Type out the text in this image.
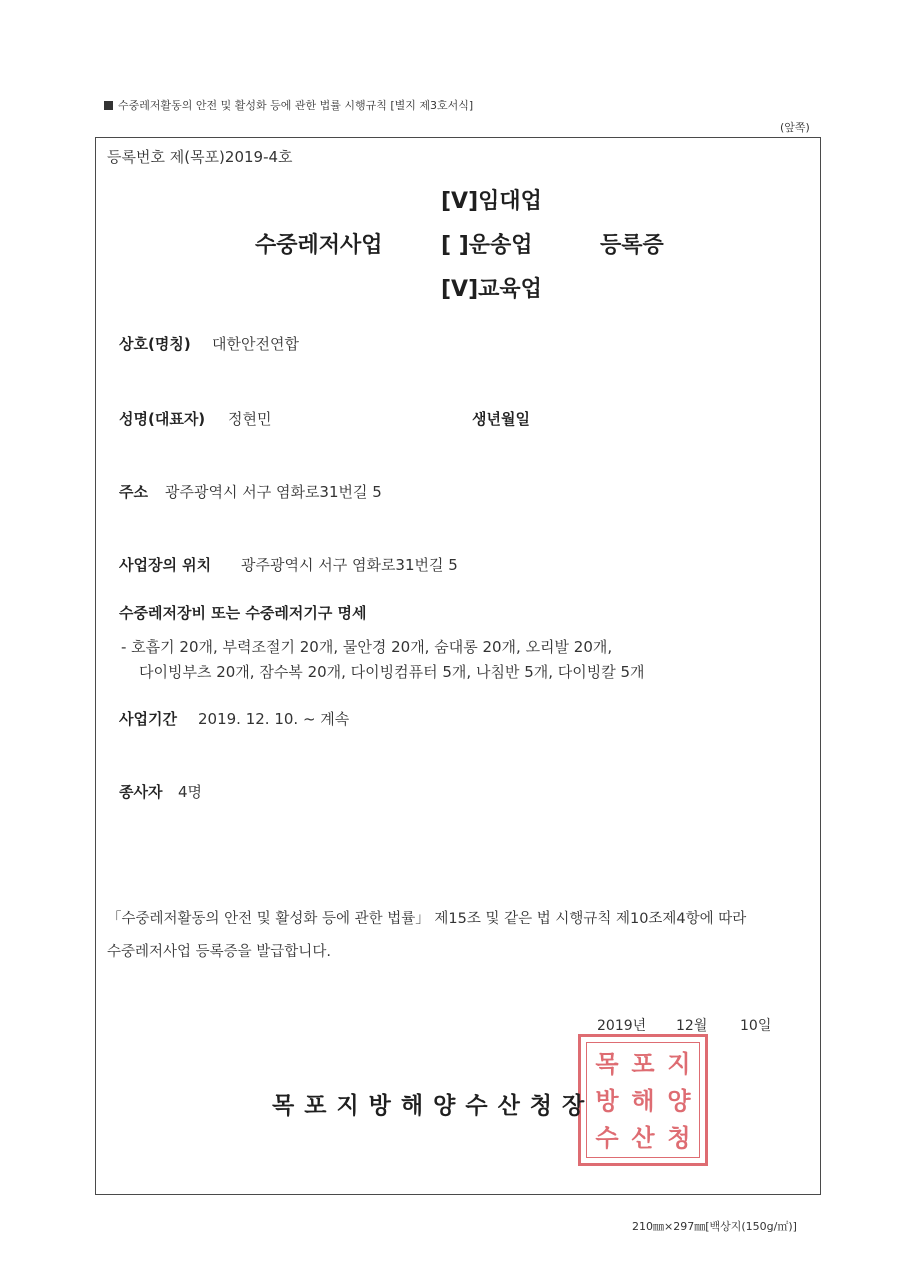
수중레저활동의 안전 및 활성화 등에 관한 법률 시행규칙 [별지 제3호서식]
(앞쪽)
등록번호 제(목포)2019-4호
[V]임대업
수중레저사업	[ ]운송업	등록증
[V]교육업
상호(명칭) 대한안전연합
성명(대표자) 정현민	생년월일
주소 광주광역시 서구 염화로31번길 5
사업장의 위치 광주광역시 서구 염화로31번길 5
수중레저장비 또는 수중레저기구 명세
- 호흡기 20개, 부력조절기 20개, 물안경 20개, 숨대롱 20개, 오리발 20개,
다이빙부츠 20개, 잠수복 20개, 다이빙컴퓨터 5개, 나침반 5개, 다이빙칼 5개
사업기간 2019. 12. 10. ~ 계속
종사자 4명
「수중레저활동의 안전 및 활성화 등에 관한 법률」 제15조 및 같은 법 시행규칙 제10조제4항에 따라
수중레저사업 등록증을 발급합니다.
2019년 12월 10일
목 포 지
방 해 양
수 산 청
목 포 지 방 해 양 수 산 청 장
210㎜×297㎜[백상지(150g/㎡)]
